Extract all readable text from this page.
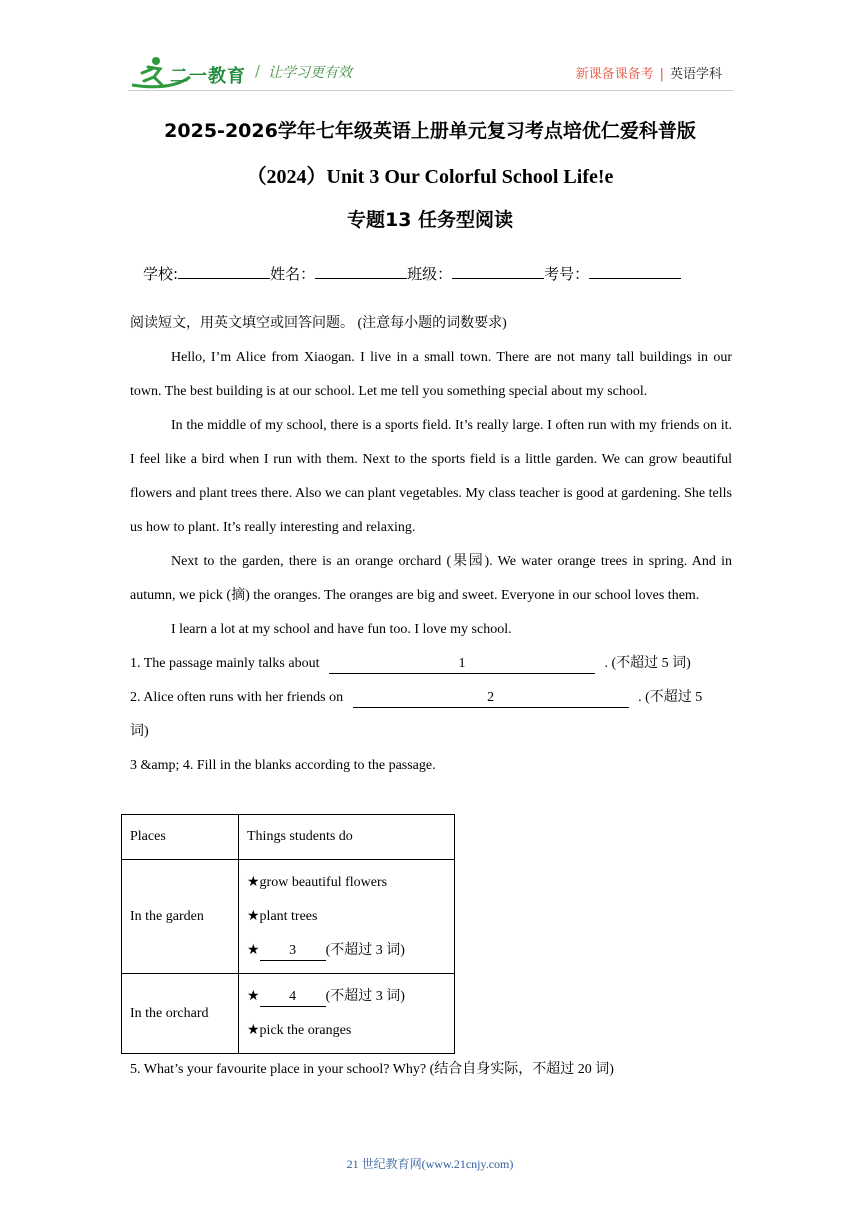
二一教育 / 让学习更有效	新课备课备考 | 英语学科
2025-2026学年七年级英语上册单元复习考点培优仁爱科普版
（2024）Unit 3 Our Colorful School Life!e
专题13 任务型阅读
学校:	姓名：	班级：	考号：
阅读短文，用英文填空或回答问题。 (注意每小题的词数要求)

Hello, I’m Alice from Xiaogan. I live in a small town. There are not many tall buildings in our town. The best building is at our school. Let me tell you something special about my school.

In the middle of my school, there is a sports field. It’s really large. I often run with my friends on it. I feel like a bird when I run with them. Next to the sports field is a little garden. We can grow beautiful flowers and plant trees there. Also we can plant vegetables. My class teacher is good at gardening. She tells us how to plant. It’s really interesting and relaxing.

Next to the garden, there is an orange orchard (果园). We water orange trees in spring. And in autumn, we pick (摘) the oranges. The oranges are big and sweet. Everyone in our school loves them.

I learn a lot at my school and have fun too. I love my school.

1. The passage mainly talks about	1	. (不超过 5 词)
2. Alice often runs with her friends on	2	. (不超过 5
词)
3 &amp; 4. Fill in the blanks according to the passage.
Places	Things students do
In the garden	★grow beautiful flowers
★plant trees
★ 3 (不超过 3 词)

In the orchard	★ 4 (不超过 3 词)
★pick the oranges
5. What’s your favourite place in your school? Why? (结合自身实际，不超过 20 词)
21 世纪教育网(www.21cnjy.com)
